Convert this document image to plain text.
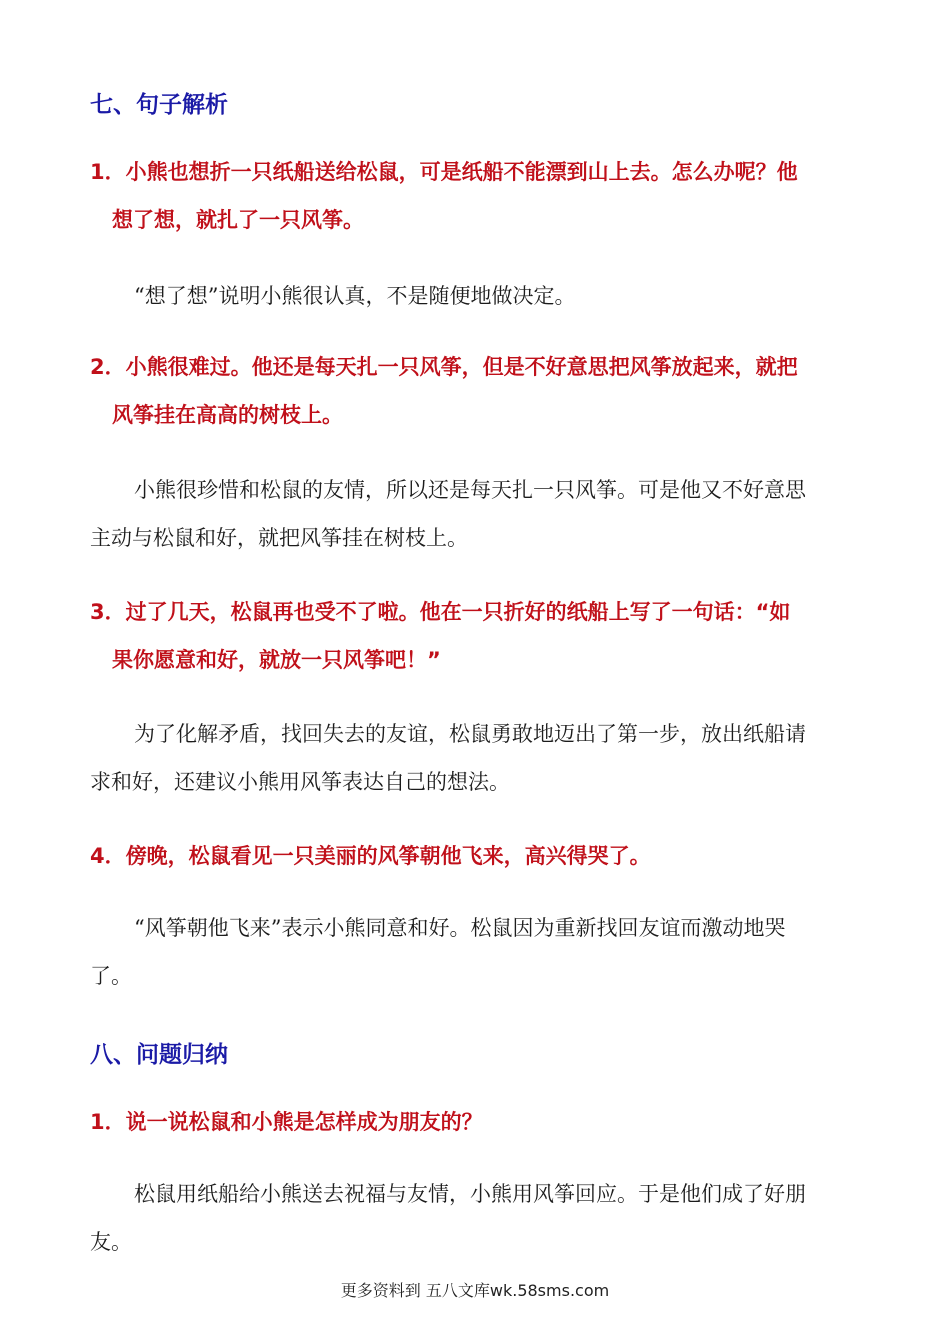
七、句子解析
1．小熊也想折一只纸船送给松鼠，可是纸船不能漂到山上去。怎么办呢？他
想了想，就扎了一只风筝。
“想了想”说明小熊很认真，不是随便地做决定。
2．小熊很难过。他还是每天扎一只风筝，但是不好意思把风筝放起来，就把
风筝挂在高高的树枝上。
小熊很珍惜和松鼠的友情，所以还是每天扎一只风筝。可是他又不好意思
主动与松鼠和好，就把风筝挂在树枝上。
3．过了几天，松鼠再也受不了啦。他在一只折好的纸船上写了一句话：“如
果你愿意和好，就放一只风筝吧！”
为了化解矛盾，找回失去的友谊，松鼠勇敢地迈出了第一步，放出纸船请
求和好，还建议小熊用风筝表达自己的想法。
4．傍晚，松鼠看见一只美丽的风筝朝他飞来，高兴得哭了。
“风筝朝他飞来”表示小熊同意和好。松鼠因为重新找回友谊而激动地哭
了。
八、问题归纳
1．说一说松鼠和小熊是怎样成为朋友的？
松鼠用纸船给小熊送去祝福与友情，小熊用风筝回应。于是他们成了好朋
友。
更多资料到 五八文库wk.58sms.com
